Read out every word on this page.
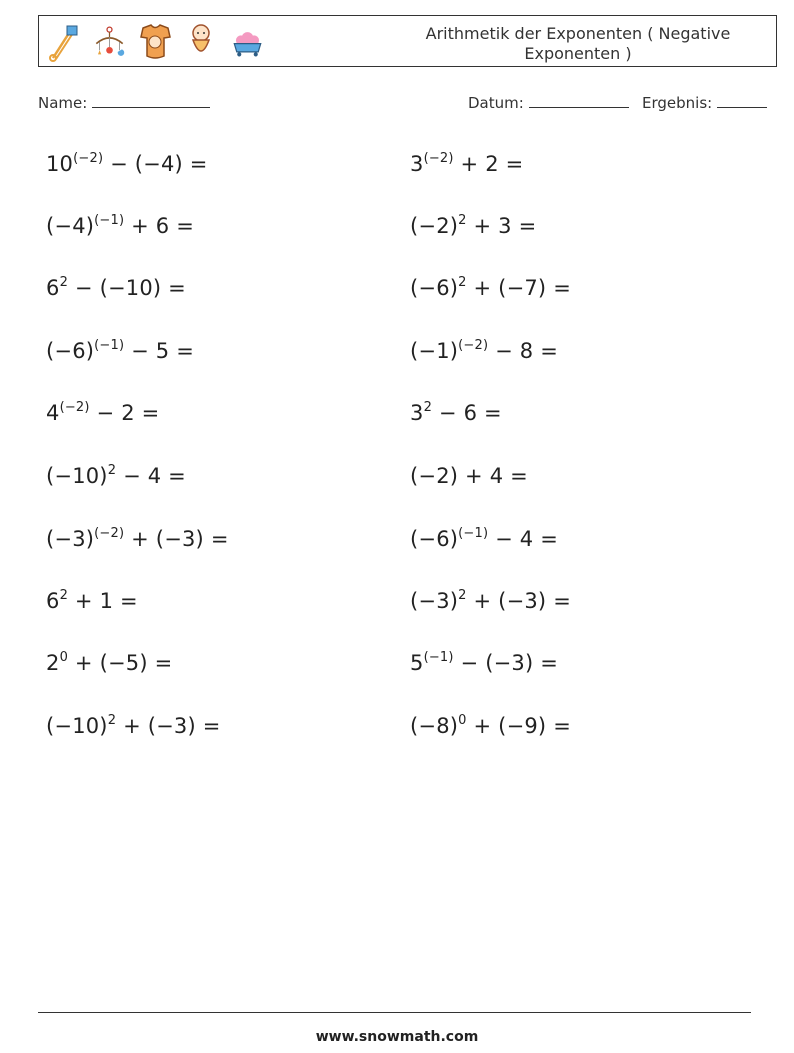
Arithmetik der Exponenten ( Negative
Exponenten )
Name:	Datum:	Ergebnis:
$10^{(-2)} - (-4)$ =	$3^{(-2)} + 2$ =
$(-4)^{(-1)} + 6$ =	$(-2)^2 + 3$ =
$6^2 - (-10)$ =	$(-6)^2 + (-7)$ =
$(-6)^{(-1)} - 5$ =	$(-1)^{(-2)} - 8$ =
$4^{(-2)} - 2$ =	$3^2 - 6$ =
$(-10)^2 - 4$ =	(−2) + 4 =
$(-3)^{(-2)} + (-3)$ =	$(-6)^{(-1)} - 4$ =
$6^2 + 1$ =	$(-3)^2 + (-3)$ =
$2^0 + (-5)$ =	$5^{(-1)} - (-3)$ =
$(-10)^2 + (-3)$ =	$(-8)^0 + (-9)$ =
www.snowmath.com
